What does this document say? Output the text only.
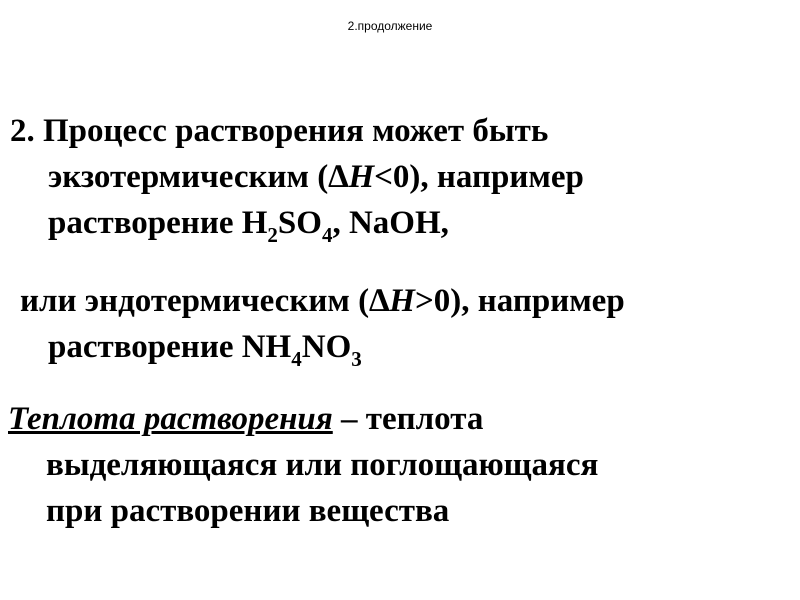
2.продолжение
2. Процесс растворения может быть
экзотермическим (∆H<0), например
растворение $H_2SO_4$, NaOH,
или эндотермическим (∆H>0), например
растворение $NH_4NO_3$
Теплота растворения – теплота
выделяющаяся или поглощающаяся
при растворении вещества
